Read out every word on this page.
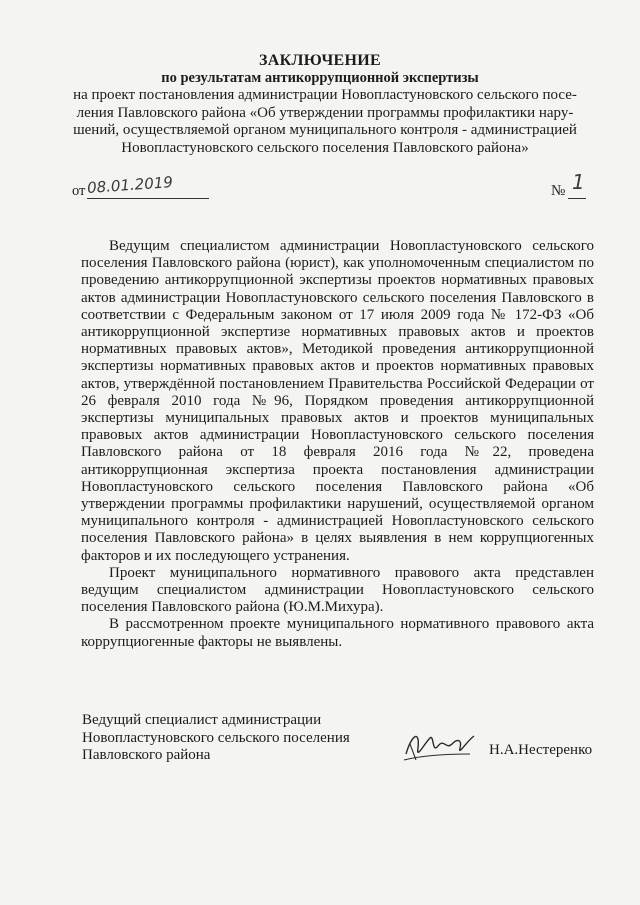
ЗАКЛЮЧЕНИЕ
по результатам антикоррупционной экспертизы
на проект постановления администрации Новопластуновского сельского посе-
ления Павловского района «Об утверждении программы профилактики нару-
шений, осуществляемой органом муниципального контроля - администрацией
Новопластуновского сельского поселения Павловского района»
от 08.01.2019	№ 1

Ведущим специалистом администрации Новопластуновского сельского поселения Павловского района (юрист), как уполномоченным специалистом по проведению антикоррупционной экспертизы проектов нормативных правовых актов администрации Новопластуновского сельского поселения Павловского в соответствии с Федеральным законом от 17 июля 2009 года № 172-ФЗ «Об антикоррупционной экспертизе нормативных правовых актов и проектов нормативных правовых актов», Методикой проведения антикоррупционной экспертизы нормативных правовых актов и проектов нормативных правовых актов, утверждённой постановлением Правительства Российской Федерации от 26 февраля 2010 года №96, Порядком проведения антикоррупционной экспертизы муниципальных правовых актов и проектов муниципальных правовых актов администрации Новопластуновского сельского поселения Павловского района от 18 февраля 2016 года №22, проведена антикоррупционная экспертиза проекта постановления администрации Новопластуновского сельского поселения Павловского района «Об утверждении программы профилактики нарушений, осуществляемой органом муниципального контроля - администрацией Новопластуновского сельского поселения Павловского района» в целях выявления в нем коррупциогенных факторов и их последующего устранения.

Проект муниципального нормативного правового акта представлен ведущим специалистом администрации Новопластуновского сельского поселения Павловского района (Ю.М.Михура).

В рассмотренном проекте муниципального нормативного правового акта коррупциогенные факторы не выявлены.

Ведущий специалист администрации
Новопластуновского сельского поселения
Павловского района	Н.А.Нестеренко
